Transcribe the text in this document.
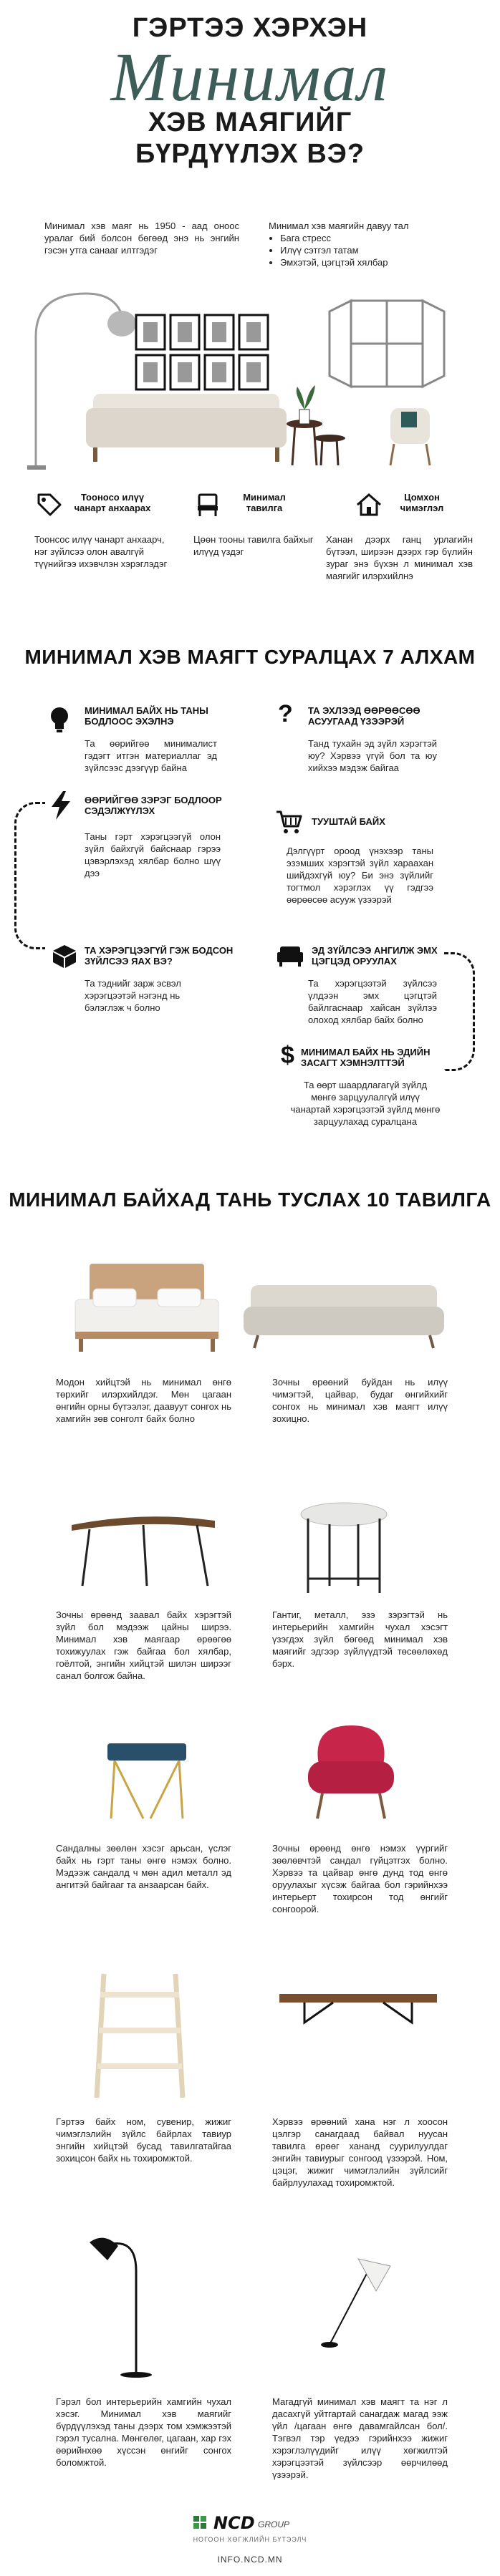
ГЭРТЭЭ ХЭРХЭН
Минимал
ХЭВ МАЯГИЙГ
БҮРДҮҮЛЭХ ВЭ?
Минимал хэв маяг нь 1950 - аад оноос уралаг бий болсон бөгөөд энэ нь энгийн гэсэн утга санааг илтгэдэг
Минимал хэв маягийн давуу тал
• Бага стресс
• Илүү сэтгэл татам
• Эмхэтэй, цэгцтэй хялбар
Тооносо илүү чанарт анхаарах
Тоонсос илүү чанарт анхаарч, нэг зүйлсээ олон авалгүй түүнийгээ ихэвчлэн хэрэглэдэг
Минимал тавилга
Цөөн тооны тавилга байхыг илүүд үздэг
Цомхон чимэглэл
Ханан дээрх ганц урлагийн бүтээл, ширээн дээрх гэр бүлийн зураг энэ бүхэн л минимал хэв маягийг илэрхийлнэ
МИНИМАЛ ХЭВ МАЯГТ СУРАЛЦАХ 7 АЛХАМ
МИНИМАЛ БАЙХ НЬ ТАНЫ БОДЛООС ЭХЭЛНЭ
Та өөрийгөө минималист гэдэгт итгэн материаллаг эд зүйлсээс дээгүүр байна
? ТА ЭХЛЭЭД ӨӨРӨӨСӨӨ АСУУГААД ҮЗЭЭРЭЙ
Танд тухайн эд зүйл хэрэгтэй юу? Хэрвээ үгүй бол та юу хийхээ мэдэж байгаа
ӨӨРИЙГӨӨ ЗЭРЭГ БОДЛООР СЭДЭЛЖҮҮЛЭХ
Таны гэрт хэрэгцээгүй олон зүйл байхгүй байснаар гэрээ цэвэрлэхэд хялбар болно шүү дээ
ТУУШТАЙ БАЙХ
Дэлгүүрт ороод үнэхээр таны эзэмших хэрэгтэй зүйл хараахан шийдэхгүй юу? Би энэ зүйлийг тогтмол хэрэглэх үү гэдгээ өөрөөсөө асууж үзээрэй
ТА ХЭРЭГЦЭЭГҮЙ ГЭЖ БОДСОН ЗҮЙЛСЭЭ ЯАХ ВЭ?
Та тэднийг зарж эсвэл хэрэгцээтэй нэгэнд нь бэлэглэж ч болно
ЭД ЗҮЙЛСЭЭ АНГИЛЖ ЭМХ ЦЭГЦЭД ОРУУЛАХ
Та хэрэгцээтэй зүйлсээ үлдээн эмх цэгцтэй байлгаснаар хайсан зүйлээ олоход хялбар байх болно
$ МИНИМАЛ БАЙХ НЬ ЭДИЙН ЗАСАГТ ХЭМНЭЛТТЭЙ
Та өөрт шаардлагагүй зүйлд мөнгө зарцуулалгүй илүү чанартай хэрэгцээтэй зүйлд мөнгө зарцуулахад суралцана
МИНИМАЛ БАЙХАД ТАНЬ ТУСЛАХ 10 ТАВИЛГА
Модон хийцтэй нь минимал өнгө төрхийг илэрхийлдэг. Мөн цагаан өнгийн орны бүтээлэг, даавуут сонгох нь хамгийн зөв сонголт байх болно
Зочны өрөөний буйдан нь илүү чимэгтэй, цайвар, будаг өнгийхийг сонгох нь минимал хэв маягт илүү зохицно.
Зочны өрөөнд заавал байх хэрэгтэй зүйл бол мэдээж цайны ширээ. Минимал хэв маягаар өрөөгөө тохижуулах гэж байгаа бол хялбар, гоёлтой, энгийн хийцтэй шилэн ширээг санал болгож байна.
Гантиг, металл, эзэ зэрэгтэй нь интерьерийн хамгийн чухал хэсэгт үзэгдэх зүйл бөгөөд минимал хэв маягийг эдгээр зүйлүүдтэй төсөөлөхөд бэрх.
Сандалны зөөлөн хэсэг арьсан, үслэг байх нь гэрт таны өнгө нэмэх болно. Мэдээж сандалд ч мөн адил металл эд ангитэй байгааг та анзаарсан байх.
Зочны өрөөнд өнгө нэмэх үүргийг зөөлөвчтэй сандал гүйцэтгэх болно. Хэрвээ та цайвар өнгө дунд тод өнгө оруулахыг хүсэж байгаа бол гэрийнхээ интерьерт тохирсон тод өнгийг сонгоорой.
Гэртээ байх ном, сувенир, жижиг чимэглэлийн зүйлс байрлах тавиур энгийн хийцтэй бусад тавилгатайгаа зохицсон байх нь тохиромжтой.
Хэрвээ өрөөний хана нэг л хоосон цэлгэр санагдаад байвал нуусан тавилга өрөөг хананд суурилуулдаг энгийн тавиурыг сонгоод үзээрэй. Ном, цэцэг, жижиг чимэглэлийн зүйлсийг байрлуулахад тохиромжтой.
Гэрэл бол интерьерийн хамгийн чухал хэсэг. Минимал хэв маягийг бүрдүүлэхэд таны дээрх том хэмжээтэй гэрэл тусална. Мөнгөлөг, цагаан, хар гэх өөрийнхөө хүссэн өнгийг сонгох боломжтой.
Магадгүй минимал хэв маягт та нэг л дасахгүй уйтгартай санагдаж магад ээж үйл /цагаан өнгө давамгайлсан бол/. Тэгвэл тэр үедээ гэрийнхээ жижиг хэрэглэлүүдийг илүү хөгжилтэй хэрэгцээтэй зүйлсээр өөрчилөөд үзээрэй.
NCD GROUP
НОГООН ХӨГЖЛИЙН БҮТЭЭЛЧ
INFO.NCD.MN
